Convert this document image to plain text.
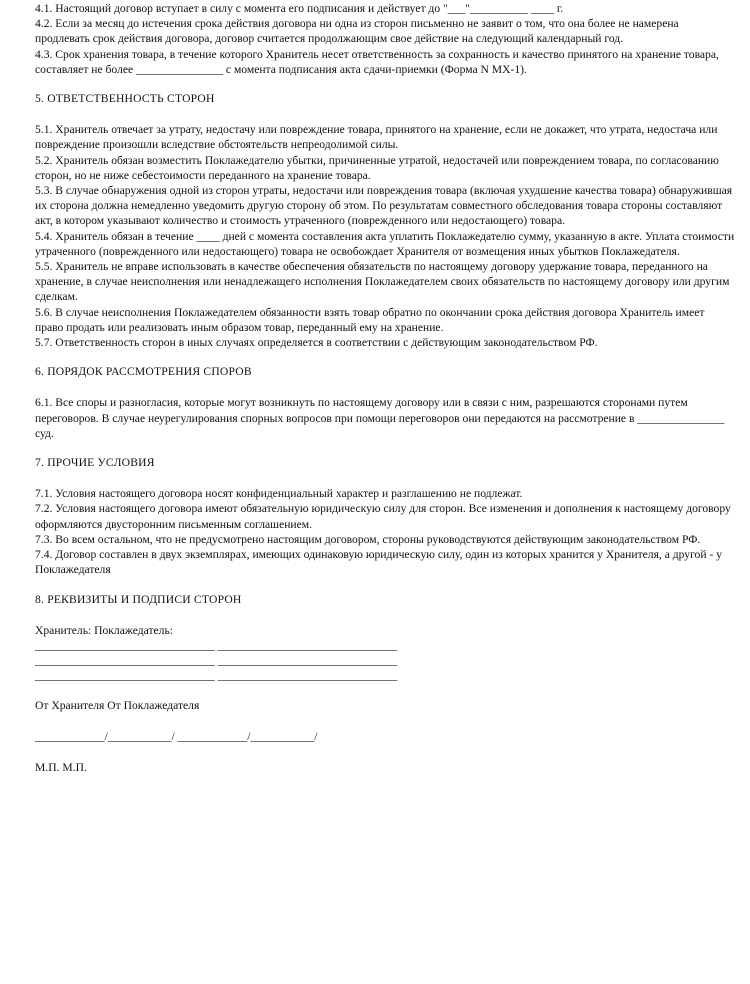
4.1. Настоящий договор вступает в силу с момента его подписания и действует до "___"__________ ____ г.

4.2. Если за месяц до истечения срока действия договора ни одна из сторон письменно не заявит о том, что она более не намерена продлевать срок действия договора, договор считается продолжающим свое действие на следующий календарный год.

4.3. Срок хранения товара, в течение которого Хранитель несет ответственность за сохранность и качество принятого на хранение товара, составляет не более _______________ с момента подписания акта сдачи-приемки (Форма N МХ-1).

5. ОТВЕТСТВЕННОСТЬ СТОРОН

5.1. Хранитель отвечает за утрату, недостачу или повреждение товара, принятого на хранение, если не докажет, что утрата, недостача или повреждение произошли вследствие обстоятельств непреодолимой силы.

5.2. Хранитель обязан возместить Поклажедателю убытки, причиненные утратой, недостачей или повреждением товара, по согласованию сторон, но не ниже себестоимости переданного на хранение товара.

5.3. В случае обнаружения одной из сторон утраты, недостачи или повреждения товара (включая ухудшение качества товара) обнаружившая их сторона должна немедленно уведомить другую сторону об этом. По результатам совместного обследования товара стороны составляют акт, в котором указывают количество и стоимость утраченного (поврежденного или недостающего) товара.

5.4. Хранитель обязан в течение ____ дней с момента составления акта уплатить Поклажедателю сумму, указанную в акте. Уплата стоимости утраченного (поврежденного или недостающего) товара не освобождает Хранителя от возмещения иных убытков Поклажедателя.

5.5. Хранитель не вправе использовать в качестве обеспечения обязательств по настоящему договору удержание товара, переданного на хранение, в случае неисполнения или ненадлежащего исполнения Поклажедателем своих обязательств по настоящему договору или другим сделкам.

5.6. В случае неисполнения Поклажедателем обязанности взять товар обратно по окончании срока действия договора Хранитель имеет право продать или реализовать иным образом товар, переданный ему на хранение.

5.7. Ответственность сторон в иных случаях определяется в соответствии с действующим законодательством РФ.

6. ПОРЯДОК РАССМОТРЕНИЯ СПОРОВ

6.1. Все споры и разногласия, которые могут возникнуть по настоящему договору или в связи с ним, разрешаются сторонами путем переговоров. В случае неурегулирования спорных вопросов при помощи переговоров они передаются на рассмотрение в _______________ суд.

7. ПРОЧИЕ УСЛОВИЯ

7.1. Условия настоящего договора носят конфиденциальный характер и разглашению не подлежат.

7.2. Условия настоящего договора имеют обязательную юридическую силу для сторон. Все изменения и дополнения к настоящему договору оформляются двусторонним письменным соглашением.

7.3. Во всем остальном, что не предусмотрено настоящим договором, стороны руководствуются действующим законодательством РФ.

7.4. Договор составлен в двух экземплярах, имеющих одинаковую юридическую силу, один из которых хранится у Хранителя, а другой - у Поклажедателя

8. РЕКВИЗИТЫ И ПОДПИСИ СТОРОН

Хранитель: Поклажедатель:

_______________________________ _______________________________

_______________________________ _______________________________

_______________________________ _______________________________

От Хранителя От Поклажедателя

____________/___________/ ____________/___________/

М.П. М.П.
